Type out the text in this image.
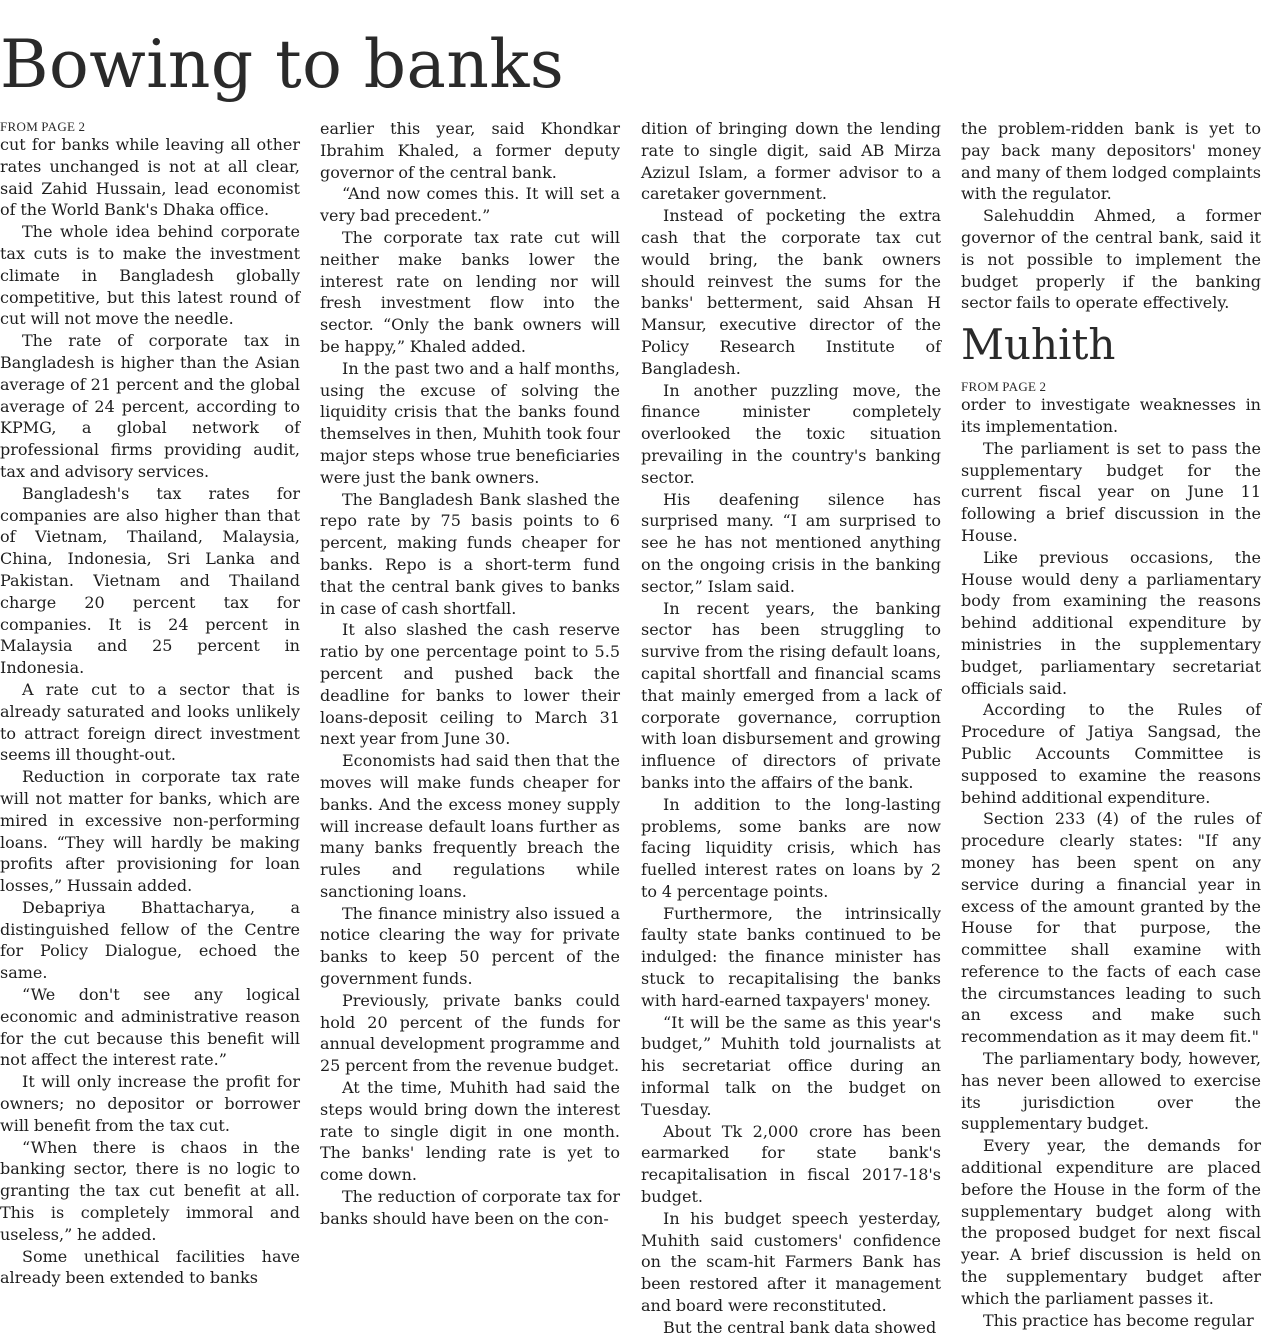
Bowing to banks
FROM PAGE 2

cut for banks while leaving all other rates unchanged is not at all clear, said Zahid Hussain, lead economist of the World Bank's Dhaka office.

The whole idea behind corporate tax cuts is to make the investment climate in Bangladesh globally competitive, but this latest round of cut will not move the needle.

The rate of corporate tax in Bangladesh is higher than the Asian average of 21 percent and the global average of 24 percent, according to KPMG, a global network of professional firms providing audit, tax and advisory services.

Bangladesh's tax rates for companies are also higher than that of Vietnam, Thailand, Malaysia, China, Indonesia, Sri Lanka and Pakistan. Vietnam and Thailand charge 20 percent tax for companies. It is 24 percent in Malaysia and 25 percent in Indonesia.

A rate cut to a sector that is already saturated and looks unlikely to attract foreign direct investment seems ill thought-out.

Reduction in corporate tax rate will not matter for banks, which are mired in excessive non-performing loans. “They will hardly be making profits after provisioning for loan losses,” Hussain added.

Debapriya Bhattacharya, a distinguished fellow of the Centre for Policy Dialogue, echoed the same.

“We don't see any logical economic and administrative reason for the cut because this benefit will not affect the interest rate.”

It will only increase the profit for owners; no depositor or borrower will benefit from the tax cut.

“When there is chaos in the banking sector, there is no logic to granting the tax cut benefit at all. This is completely immoral and useless,” he added.

Some unethical facilities have already been extended to banks

earlier this year, said Khondkar Ibrahim Khaled, a former deputy governor of the central bank.

“And now comes this. It will set a very bad precedent.”

The corporate tax rate cut will neither make banks lower the interest rate on lending nor will fresh investment flow into the sector. “Only the bank owners will be happy,” Khaled added.

In the past two and a half months, using the excuse of solving the liquidity crisis that the banks found themselves in then, Muhith took four major steps whose true beneficiaries were just the bank owners.

The Bangladesh Bank slashed the repo rate by 75 basis points to 6 percent, making funds cheaper for banks. Repo is a short-term fund that the central bank gives to banks in case of cash shortfall.

It also slashed the cash reserve ratio by one percentage point to 5.5 percent and pushed back the deadline for banks to lower their loans-deposit ceiling to March 31 next year from June 30.

Economists had said then that the moves will make funds cheaper for banks. And the excess money supply will increase default loans further as many banks frequently breach the rules and regulations while sanctioning loans.

The finance ministry also issued a notice clearing the way for private banks to keep 50 percent of the government funds.

Previously, private banks could hold 20 percent of the funds for annual development programme and 25 percent from the revenue budget.

At the time, Muhith had said the steps would bring down the interest rate to single digit in one month. The banks' lending rate is yet to come down.

The reduction of corporate tax for banks should have been on the con-

dition of bringing down the lending rate to single digit, said AB Mirza Azizul Islam, a former advisor to a caretaker government.

Instead of pocketing the extra cash that the corporate tax cut would bring, the bank owners should reinvest the sums for the banks' betterment, said Ahsan H Mansur, executive director of the Policy Research Institute of Bangladesh.

In another puzzling move, the finance minister completely overlooked the toxic situation prevailing in the country's banking sector.

His deafening silence has surprised many. “I am surprised to see he has not mentioned anything on the ongoing crisis in the banking sector,” Islam said.

In recent years, the banking sector has been struggling to survive from the rising default loans, capital shortfall and financial scams that mainly emerged from a lack of corporate governance, corruption with loan disbursement and growing influence of directors of private banks into the affairs of the bank.

In addition to the long-lasting problems, some banks are now facing liquidity crisis, which has fuelled interest rates on loans by 2 to 4 percentage points.

Furthermore, the intrinsically faulty state banks continued to be indulged: the finance minister has stuck to recapitalising the banks with hard-earned taxpayers' money.

“It will be the same as this year's budget,” Muhith told journalists at his secretariat office during an informal talk on the budget on Tuesday.

About Tk 2,000 crore has been earmarked for state bank's recapitalisation in fiscal 2017-18's budget.

In his budget speech yesterday, Muhith said customers' confidence on the scam-hit Farmers Bank has been restored after it management and board were reconstituted.

But the central bank data showed

the problem-ridden bank is yet to pay back many depositors' money and many of them lodged complaints with the regulator.

Salehuddin Ahmed, a former governor of the central bank, said it is not possible to implement the budget properly if the banking sector fails to operate effectively.

Muhith
FROM PAGE 2

order to investigate weaknesses in its implementation.

The parliament is set to pass the supplementary budget for the current fiscal year on June 11 following a brief discussion in the House.

Like previous occasions, the House would deny a parliamentary body from examining the reasons behind additional expenditure by ministries in the supplementary budget, parliamentary secretariat officials said.

According to the Rules of Procedure of Jatiya Sangsad, the Public Accounts Committee is supposed to examine the reasons behind additional expenditure.

Section 233 (4) of the rules of procedure clearly states: "If any money has been spent on any service during a financial year in excess of the amount granted by the House for that purpose, the committee shall examine with reference to the facts of each case the circumstances leading to such an excess and make such recommendation as it may deem fit."

The parliamentary body, however, has never been allowed to exercise its jurisdiction over the supplementary budget.

Every year, the demands for additional expenditure are placed before the House in the form of the supplementary budget along with the proposed budget for next fiscal year. A brief discussion is held on the supplementary budget after which the parliament passes it.

This practice has become regular
